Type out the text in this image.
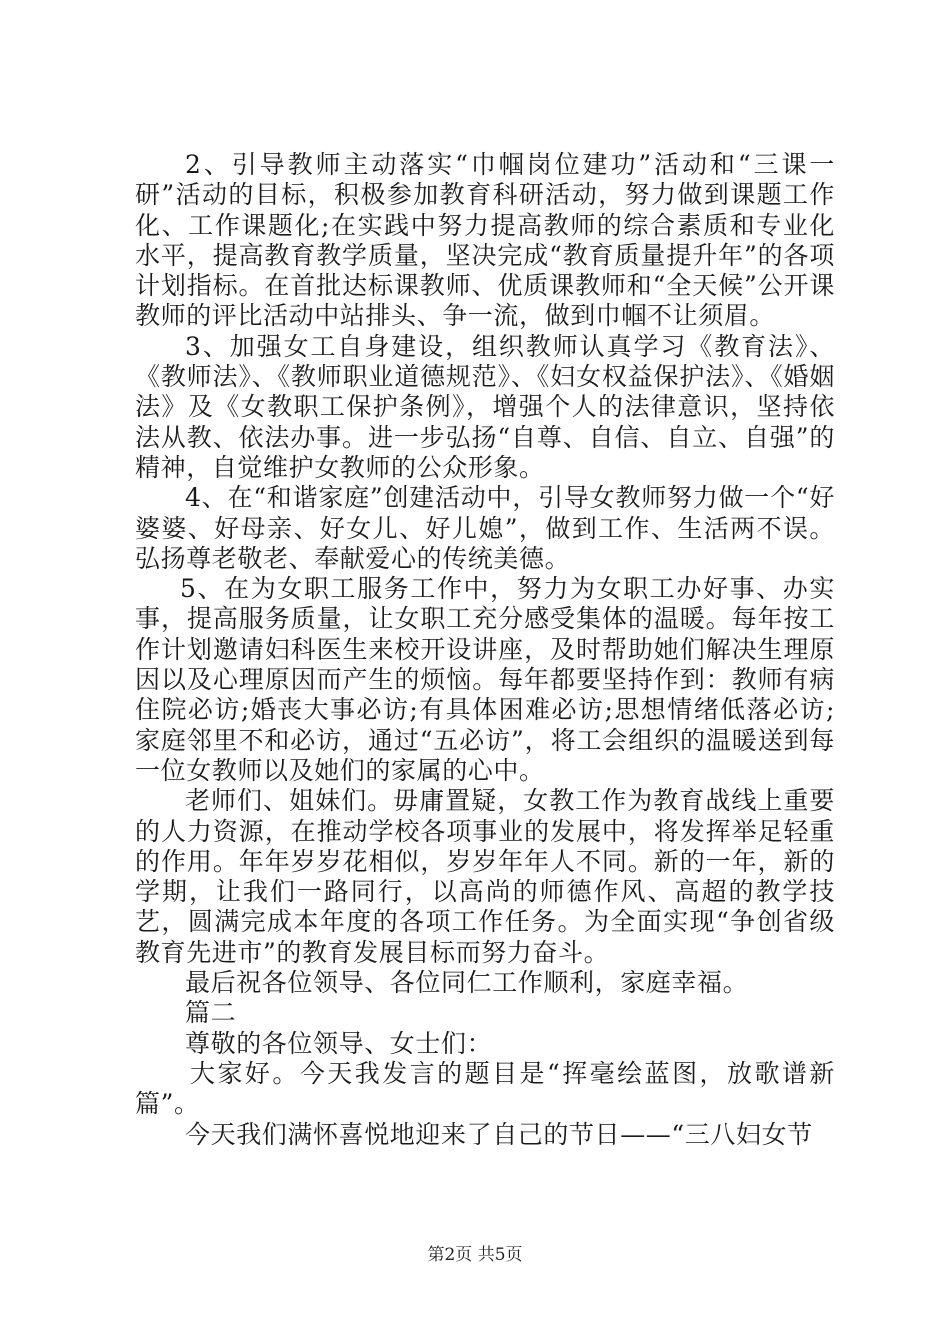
2、引导教师主动落实“巾帼岗位建功”活动和“三课一研”活动的目标，积极参加教育科研活动，努力做到课题工作化、工作课题化;在实践中努力提高教师的综合素质和专业化水平，提高教育教学质量，坚决完成“教育质量提升年”的各项计划指标。在首批达标课教师、优质课教师和“全天候”公开课教师的评比活动中站排头、争一流，做到巾帼不让须眉。

3、加强女工自身建设，组织教师认真学习《教育法》、《教师法》、《教师职业道德规范》、《妇女权益保护法》、《婚姻法》及《女教职工保护条例》，增强个人的法律意识，坚持依法从教、依法办事。进一步弘扬“自尊、自信、自立、自强”的精神，自觉维护女教师的公众形象。

4、在“和谐家庭”创建活动中，引导女教师努力做一个“好婆婆、好母亲、好女儿、好儿媳”，做到工作、生活两不误。弘扬尊老敬老、奉献爱心的传统美德。

5、在为女职工服务工作中，努力为女职工办好事、办实事，提高服务质量，让女职工充分感受集体的温暖。每年按工作计划邀请妇科医生来校开设讲座，及时帮助她们解决生理原因以及心理原因而产生的烦恼。每年都要坚持作到：教师有病住院必访;婚丧大事必访;有具体困难必访;思想情绪低落必访;家庭邻里不和必访，通过“五必访”，将工会组织的温暖送到每一位女教师以及她们的家属的心中。

老师们、姐妹们。毋庸置疑，女教工作为教育战线上重要的人力资源，在推动学校各项事业的发展中，将发挥举足轻重的作用。年年岁岁花相似，岁岁年年人不同。新的一年，新的学期，让我们一路同行，以高尚的师德作风、高超的教学技艺，圆满完成本年度的各项工作任务。为全面实现“争创省级教育先进市”的教育发展目标而努力奋斗。

最后祝各位领导、各位同仁工作顺利，家庭幸福。

篇二

尊敬的各位领导、女士们：

大家好。今天我发言的题目是“挥毫绘蓝图，放歌谱新篇”。

今天我们满怀喜悦地迎来了自己的节日——“三八妇女节

第2页 共5页
